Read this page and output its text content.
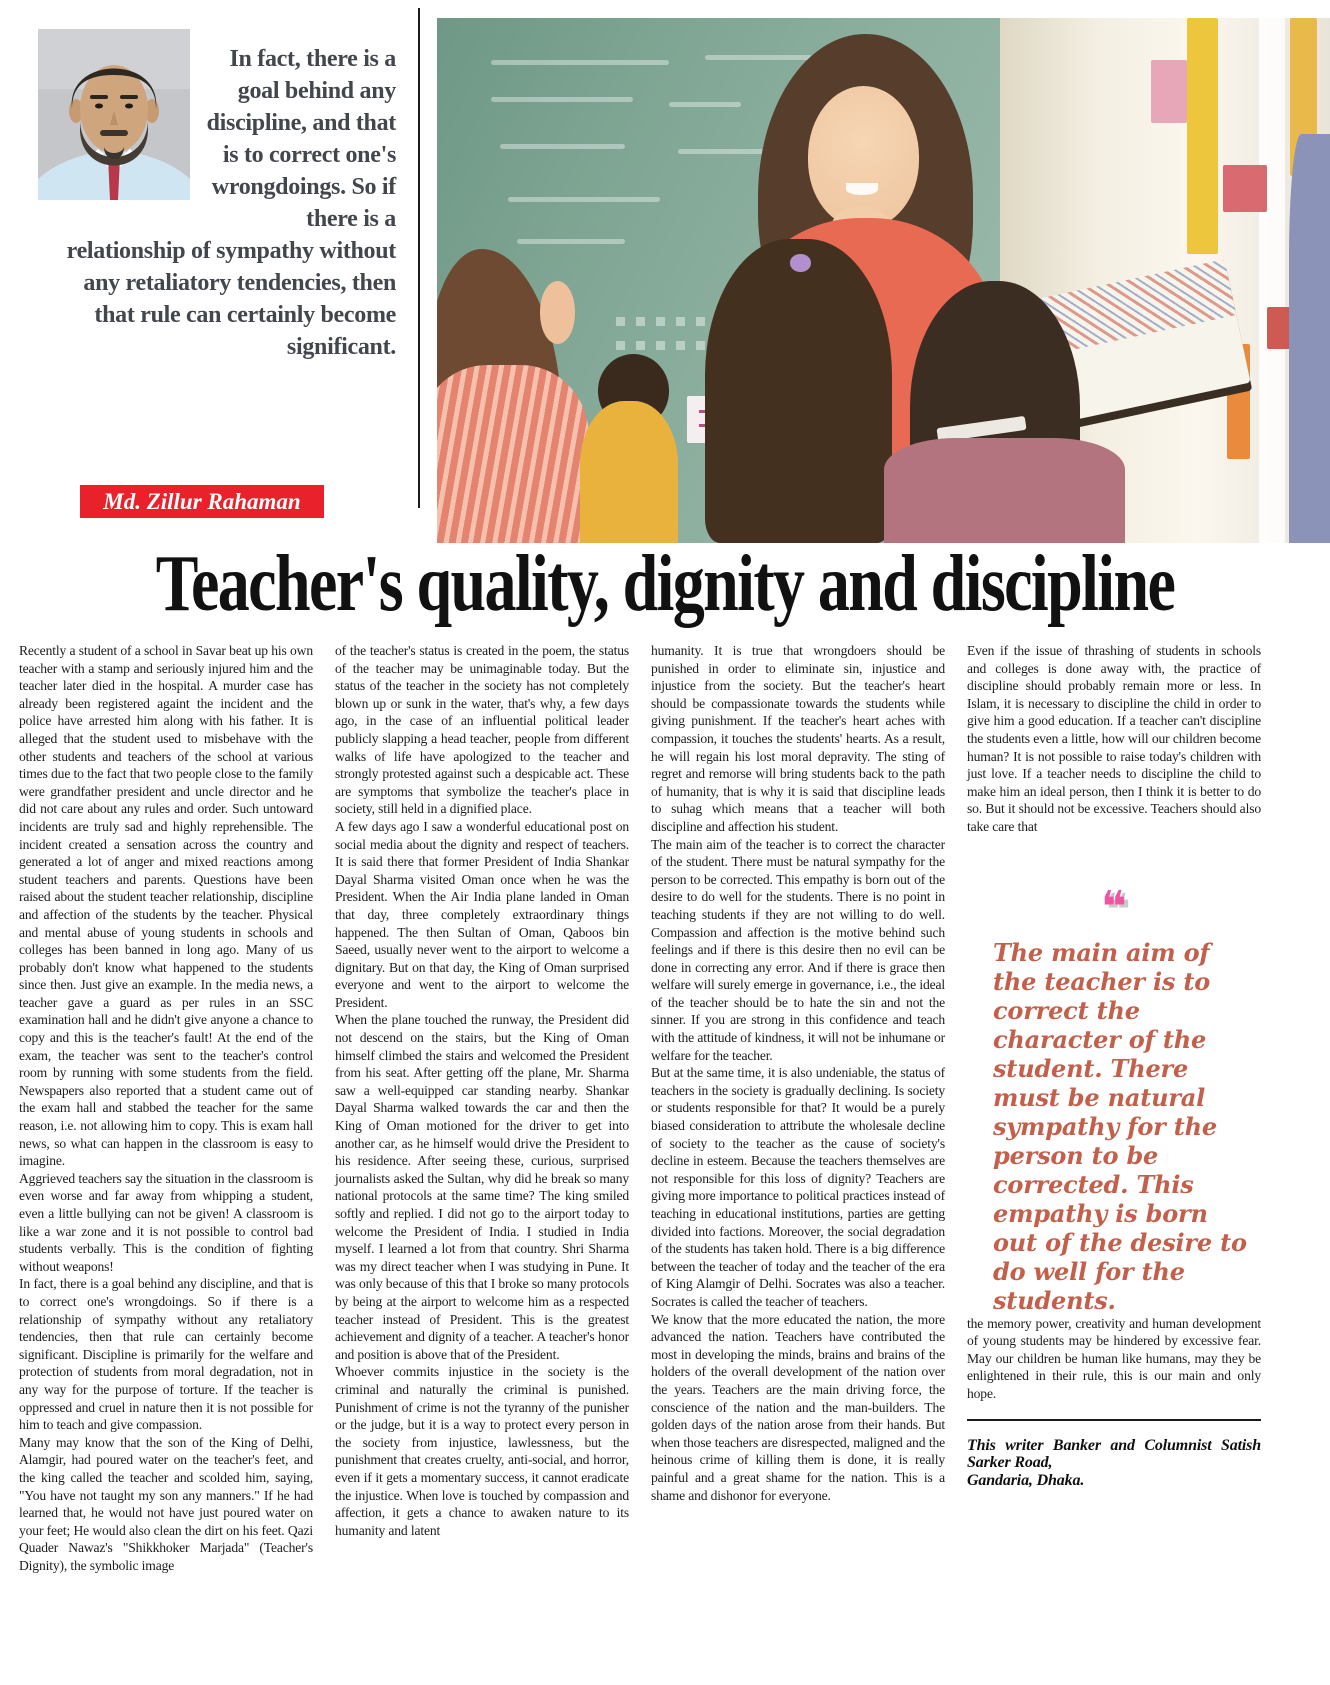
In fact, there is a goal behind any discipline, and that is to correct one's wrongdoings. So if there is a relationship of sympathy without any retaliatory tendencies, then that rule can certainly become significant.
Md. Zillur Rahaman
Teacher's quality, dignity and discipline

Recently a student of a school in Savar beat up his own teacher with a stamp and seriously injured him and the teacher later died in the hospital. A murder case has already been registered againt the incident and the police have arrested him along with his father. It is alleged that the student used to misbehave with the other students and teachers of the school at various times due to the fact that two people close to the family were grandfather president and uncle director and he did not care about any rules and order. Such untoward incidents are truly sad and highly reprehensible. The incident created a sensation across the country and generated a lot of anger and mixed reactions among student teachers and parents. Questions have been raised about the student teacher relationship, discipline and affection of the students by the teacher. Physical and mental abuse of young students in schools and colleges has been banned in long ago. Many of us probably don't know what happened to the students since then. Just give an example. In the media news, a teacher gave a guard as per rules in an SSC examination hall and he didn't give anyone a chance to copy and this is the teacher's fault! At the end of the exam, the teacher was sent to the teacher's control room by running with some students from the field. Newspapers also reported that a student came out of the exam hall and stabbed the teacher for the same reason, i.e. not allowing him to copy. This is exam hall news, so what can happen in the classroom is easy to imagine.

Aggrieved teachers say the situation in the classroom is even worse and far away from whipping a student, even a little bullying can not be given! A classroom is like a war zone and it is not possible to control bad students verbally. This is the condition of fighting without weapons!

In fact, there is a goal behind any discipline, and that is to correct one's wrongdoings. So if there is a relationship of sympathy without any retaliatory tendencies, then that rule can certainly become significant. Discipline is primarily for the welfare and protection of students from moral degradation, not in any way for the purpose of torture. If the teacher is oppressed and cruel in nature then it is not possible for him to teach and give compassion.

Many may know that the son of the King of Delhi, Alamgir, had poured water on the teacher's feet, and the king called the teacher and scolded him, saying, "You have not taught my son any manners." If he had learned that, he would not have just poured water on your feet; He would also clean the dirt on his feet. Qazi Quader Nawaz's "Shikkhoker Marjada" (Teacher's Dignity), the symbolic image

of the teacher's status is created in the poem, the status of the teacher may be unimaginable today. But the status of the teacher in the society has not completely blown up or sunk in the water, that's why, a few days ago, in the case of an influential political leader publicly slapping a head teacher, people from different walks of life have apologized to the teacher and strongly protested against such a despicable act. These are symptoms that symbolize the teacher's place in society, still held in a dignified place.

A few days ago I saw a wonderful educational post on social media about the dignity and respect of teachers. It is said there that former President of India Shankar Dayal Sharma visited Oman once when he was the President. When the Air India plane landed in Oman that day, three completely extraordinary things happened. The then Sultan of Oman, Qaboos bin Saeed, usually never went to the airport to welcome a dignitary. But on that day, the King of Oman surprised everyone and went to the airport to welcome the President.

When the plane touched the runway, the President did not descend on the stairs, but the King of Oman himself climbed the stairs and welcomed the President from his seat. After getting off the plane, Mr. Sharma saw a well-equipped car standing nearby. Shankar Dayal Sharma walked towards the car and then the King of Oman motioned for the driver to get into another car, as he himself would drive the President to his residence. After seeing these, curious, surprised journalists asked the Sultan, why did he break so many national protocols at the same time? The king smiled softly and replied. I did not go to the airport today to welcome the President of India. I studied in India myself. I learned a lot from that country. Shri Sharma was my direct teacher when I was studying in Pune. It was only because of this that I broke so many protocols by being at the airport to welcome him as a respected teacher instead of President. This is the greatest achievement and dignity of a teacher. A teacher's honor and position is above that of the President.

Whoever commits injustice in the society is the criminal and naturally the criminal is punished. Punishment of crime is not the tyranny of the punisher or the judge, but it is a way to protect every person in the society from injustice, lawlessness, but the punishment that creates cruelty, anti-social, and horror, even if it gets a momentary success, it cannot eradicate the injustice. When love is touched by compassion and affection, it gets a chance to awaken nature to its humanity and latent

humanity. It is true that wrongdoers should be punished in order to eliminate sin, injustice and injustice from the society. But the teacher's heart should be compassionate towards the students while giving punishment. If the teacher's heart aches with compassion, it touches the students' hearts. As a result, he will regain his lost moral depravity. The sting of regret and remorse will bring students back to the path of humanity, that is why it is said that discipline leads to suhag which means that a teacher will both discipline and affection his student.

The main aim of the teacher is to correct the character of the student. There must be natural sympathy for the person to be corrected. This empathy is born out of the desire to do well for the students. There is no point in teaching students if they are not willing to do well. Compassion and affection is the motive behind such feelings and if there is this desire then no evil can be done in correcting any error. And if there is grace then welfare will surely emerge in governance, i.e., the ideal of the teacher should be to hate the sin and not the sinner. If you are strong in this confidence and teach with the attitude of kindness, it will not be inhumane or welfare for the teacher.

But at the same time, it is also undeniable, the status of teachers in the society is gradually declining. Is society or students responsible for that? It would be a purely biased consideration to attribute the wholesale decline of society to the teacher as the cause of society's decline in esteem. Because the teachers themselves are not responsible for this loss of dignity? Teachers are giving more importance to political practices instead of teaching in educational institutions, parties are getting divided into factions. Moreover, the social degradation of the students has taken hold. There is a big difference between the teacher of today and the teacher of the era of King Alamgir of Delhi. Socrates was also a teacher. Socrates is called the teacher of teachers.

We know that the more educated the nation, the more advanced the nation. Teachers have contributed the most in developing the minds, brains and brains of the holders of the overall development of the nation over the years. Teachers are the main driving force, the conscience of the nation and the man-builders. The golden days of the nation arose from their hands. But when those teachers are disrespected, maligned and the heinous crime of killing them is done, it is really painful and a great shame for the nation. This is a shame and dishonor for everyone.

Even if the issue of thrashing of students in schools and colleges is done away with, the practice of discipline should probably remain more or less. In Islam, it is necessary to discipline the child in order to give him a good education. If a teacher can't discipline the students even a little, how will our children become human? It is not possible to raise today's children with just love. If a teacher needs to discipline the child to make him an ideal person, then I think it is better to do so. But it should not be excessive. Teachers should also take care that

❝
The main aim of the teacher is to correct the character of the student. There must be natural sympathy for the person to be corrected. This empathy is born out of the desire to do well for the students.

the memory power, creativity and human development of young students may be hindered by excessive fear. May our children be human like humans, may they be enlightened in their rule, this is our main and only hope.

This writer Banker and Columnist Satish Sarker Road,
Gandaria, Dhaka.
